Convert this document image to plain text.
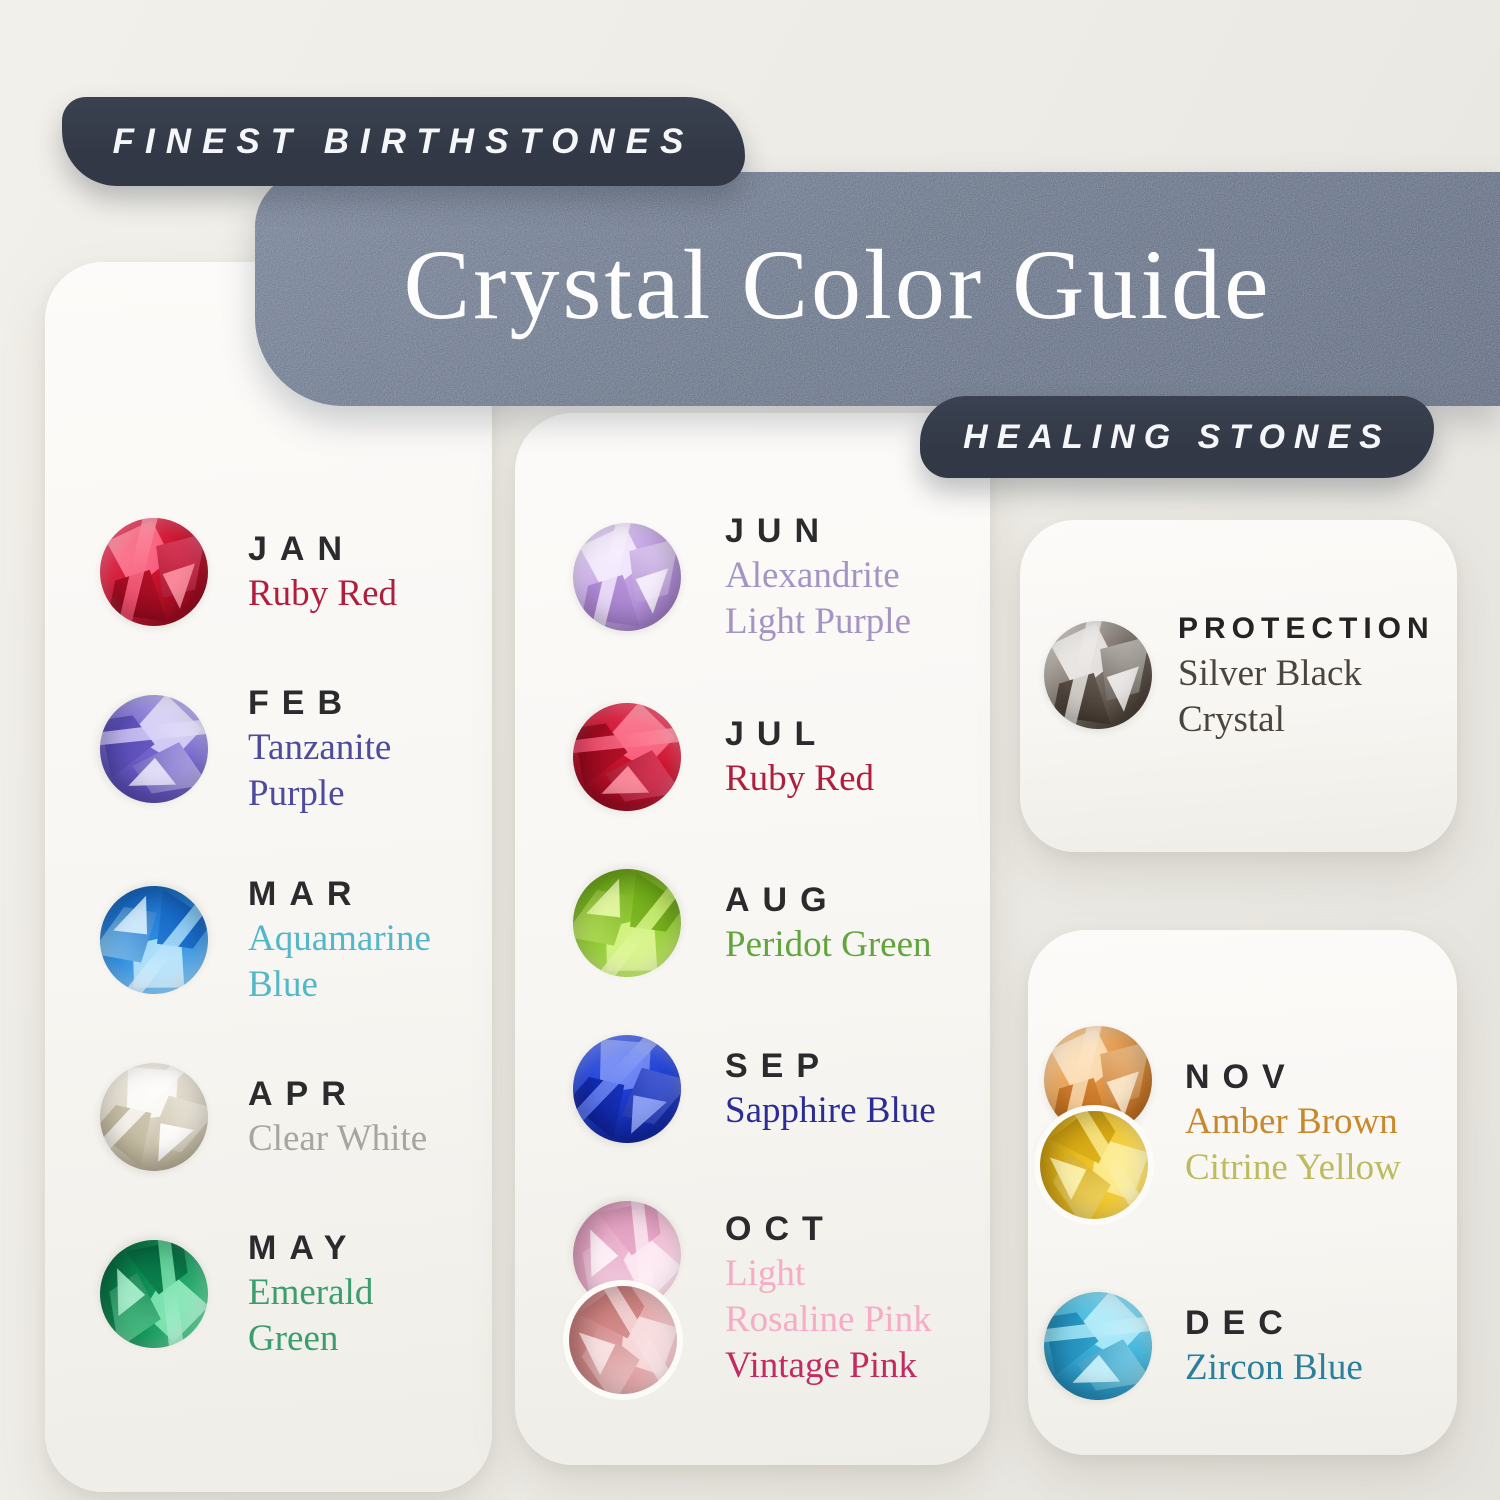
JAN
Ruby Red
FEB
Tanzanite
Purple
MAR
Aquamarine
Blue
APR
Clear White
MAY
Emerald
Green
JUN
Alexandrite
Light Purple
JUL
Ruby Red
AUG
Peridot Green
SEP
Sapphire Blue
OCT
Light
Rosaline Pink
Vintage Pink
PROTECTION
Silver Black
Crystal
NOV
Amber Brown
Citrine Yellow
DEC
Zircon Blue
Crystal Color Guide
FINEST BIRTHSTONES
HEALING STONES
